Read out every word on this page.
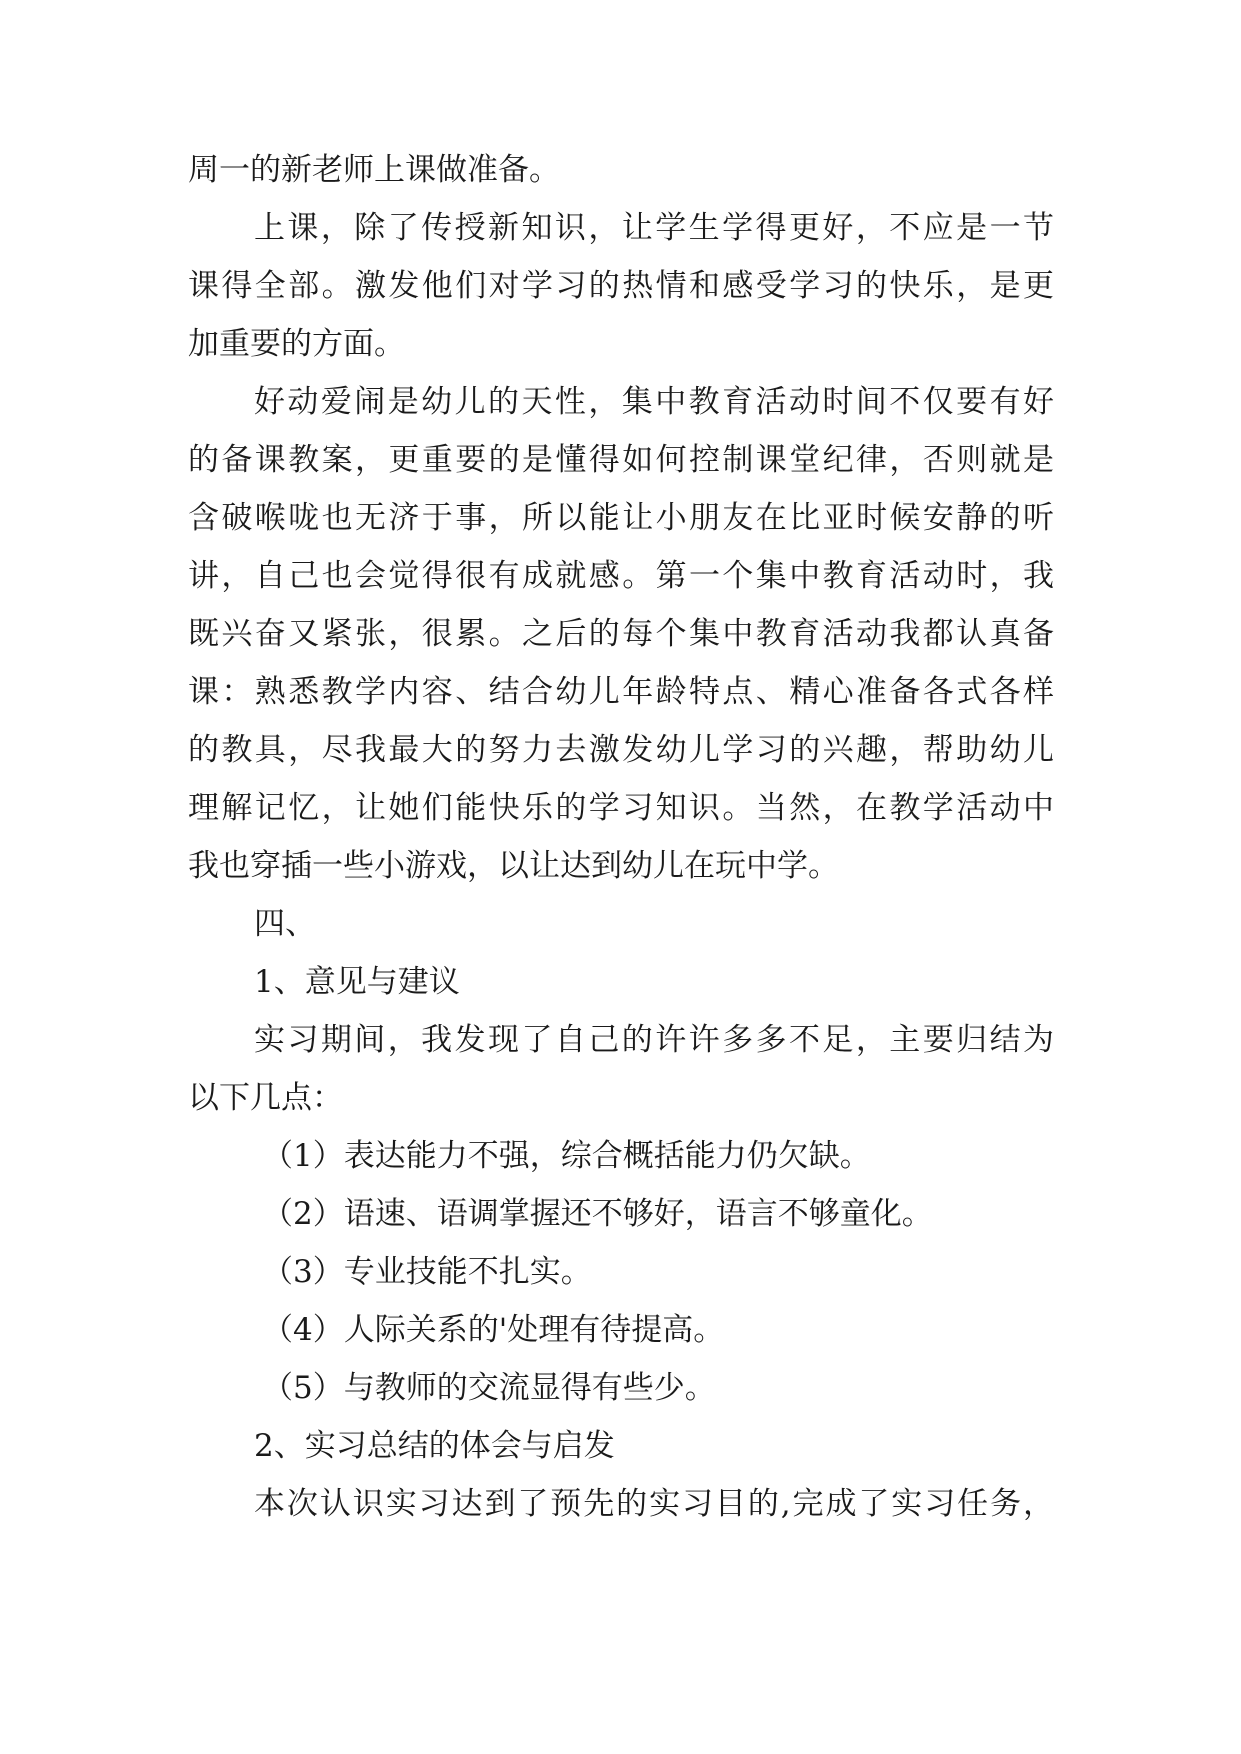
周一的新老师上课做准备。
上课，除了传授新知识，让学生学得更好，不应是一节
课得全部。激发他们对学习的热情和感受学习的快乐，是更
加重要的方面。
好动爱闹是幼儿的天性，集中教育活动时间不仅要有好
的备课教案，更重要的是懂得如何控制课堂纪律，否则就是
含破喉咙也无济于事，所以能让小朋友在比亚时候安静的听
讲，自己也会觉得很有成就感。第一个集中教育活动时，我
既兴奋又紧张，很累。之后的每个集中教育活动我都认真备
课：熟悉教学内容、结合幼儿年龄特点、精心准备各式各样
的教具，尽我最大的努力去激发幼儿学习的兴趣，帮助幼儿
理解记忆，让她们能快乐的学习知识。当然，在教学活动中
我也穿插一些小游戏，以让达到幼儿在玩中学。
四、
1、意见与建议
实习期间，我发现了自己的许许多多不足，主要归结为
以下几点：
（1）表达能力不强，综合概括能力仍欠缺。
（2）语速、语调掌握还不够好，语言不够童化。
（3）专业技能不扎实。
（4）人际关系的'处理有待提高。
（5）与教师的交流显得有些少。
2、实习总结的体会与启发
本次认识实习达到了预先的实习目的,完成了实习任务，
